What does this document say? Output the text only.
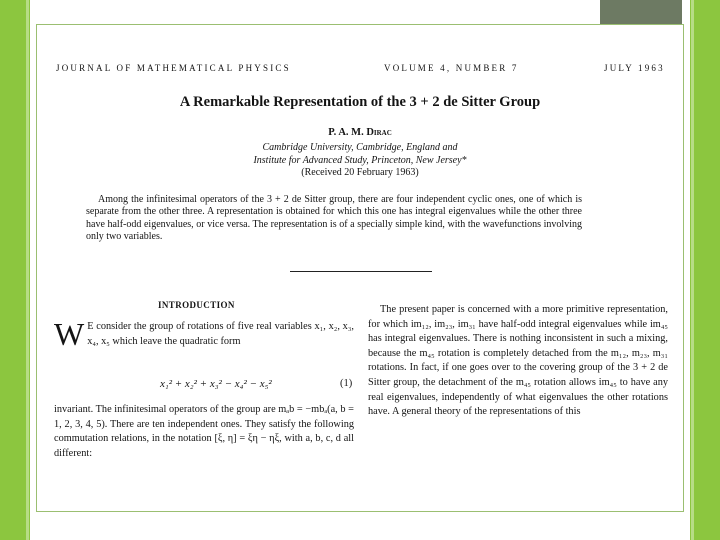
JOURNAL OF MATHEMATICAL PHYSICS	VOLUME 4, NUMBER 7	JULY 1963
A Remarkable Representation of the 3 + 2 de Sitter Group
P. A. M. Dirac
Cambridge University, Cambridge, England and
Institute for Advanced Study, Princeton, New Jersey*
(Received 20 February 1963)
Among the infinitesimal operators of the 3 + 2 de Sitter group, there are four independent cyclic ones, one of which is separate from the other three. A representation is obtained for which this one has integral eigenvalues while the other three have half-odd eigenvalues, or vice versa. The representation is of a specially simple kind, with the wavefunctions involving only two variables.
INTRODUCTION
W E consider the group of rotations of five real variables x₁, x₂, x₃, x₄, x₅ which leave the quadratic form
x₁² + x₂² + x₃² − x₄² − x₅²	(1)
invariant. The infinitesimal operators of the group are mₐb = −mbₐ(a, b = 1, 2, 3, 4, 5). There are ten independent ones. They satisfy the following commutation relations, in the notation [ξ, η] = ξη − ηξ, with a, b, c, d all different:
The present paper is concerned with a more primitive representation, for which im₁₂, im₂₃, im₃₁ have half-odd integral eigenvalues while im₄₅ has integral eigenvalues. There is nothing inconsistent in such a mixing, because the m₄₅ rotation is completely detached from the m₁₂, m₂₃, m₃₁ rotations. In fact, if one goes over to the covering group of the 3 + 2 de Sitter group, the detachment of the m₄₅ rotation allows im₄₅ to have any real eigenvalues, independently of what eigenvalues the other rotations have. A general theory of the representations of this
